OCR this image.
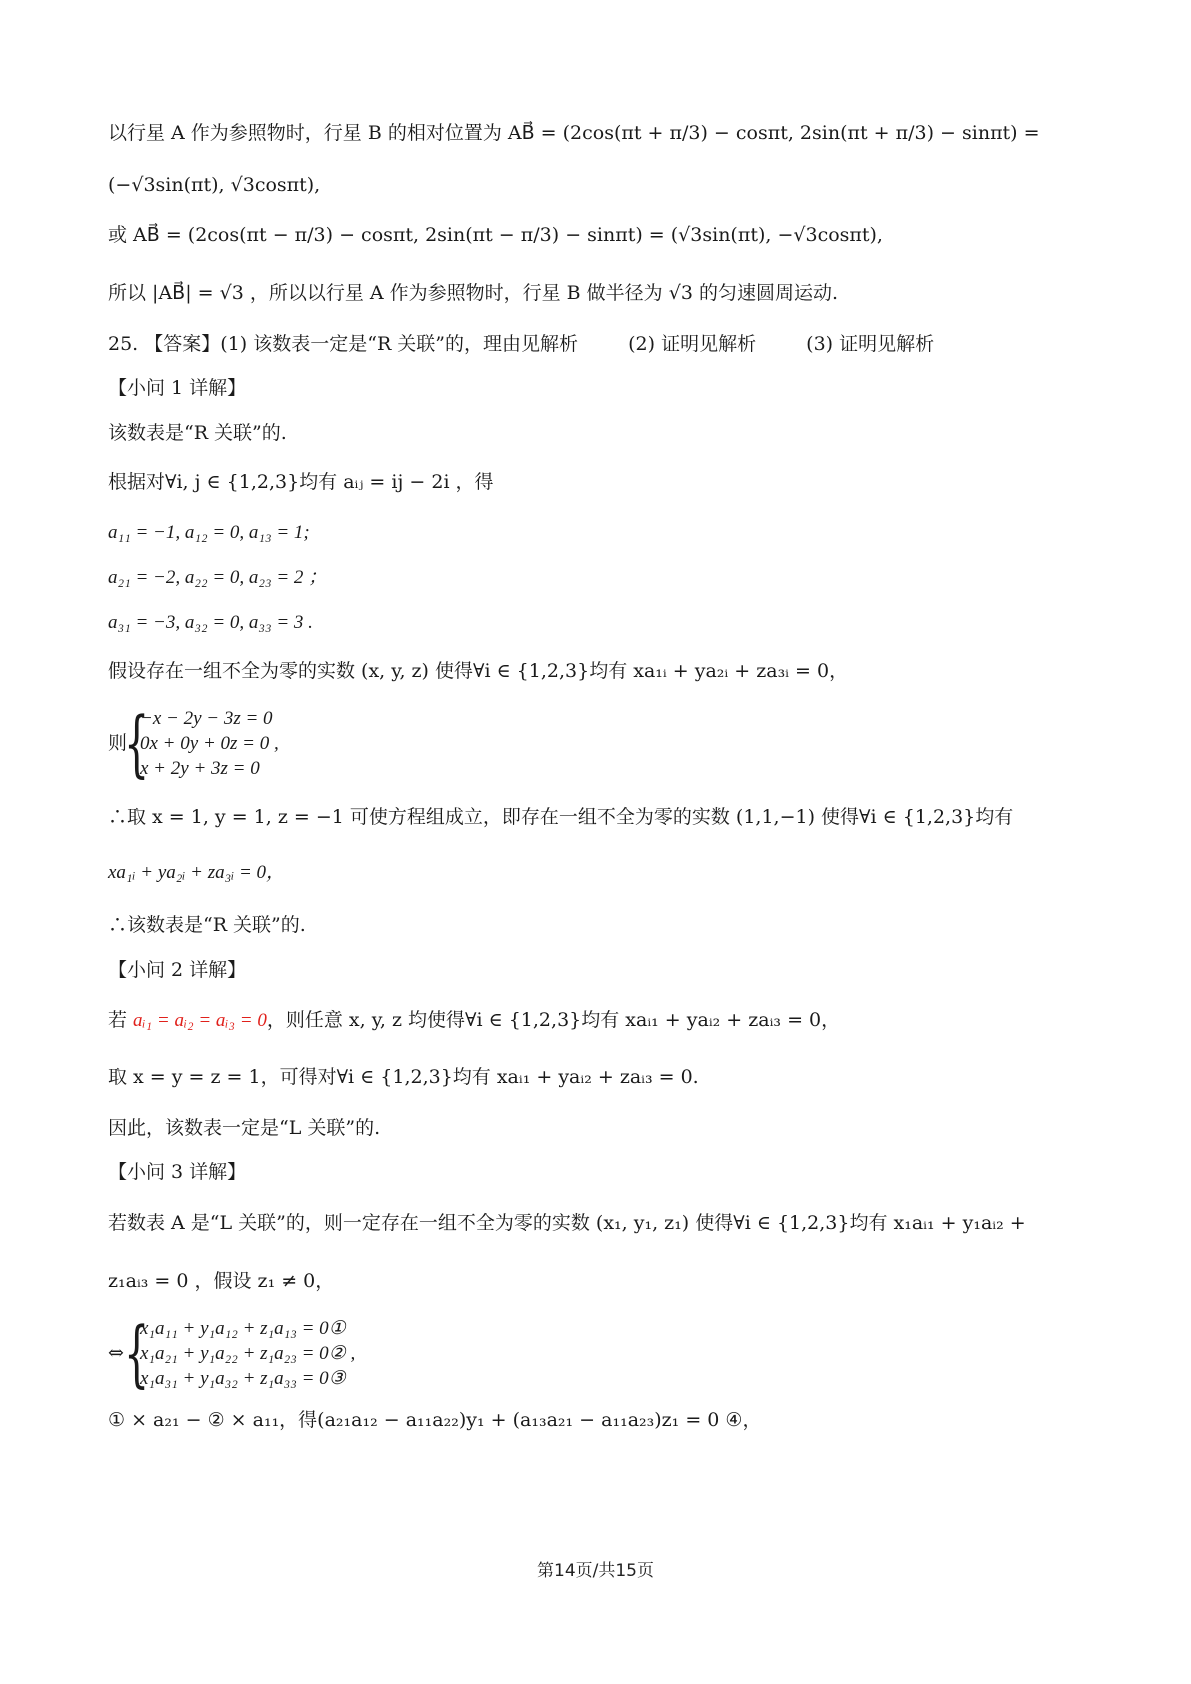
以行星 A 作为参照物时，行星 B 的相对位置为 AB⃗ = (2cos(πt + π/3) − cosπt, 2sin(πt + π/3) − sinπt) =
(−√3sin(πt), √3cosπt),
或 AB⃗ = (2cos(πt − π/3) − cosπt, 2sin(πt − π/3) − sinπt) = (√3sin(πt), −√3cosπt),
所以 |AB⃗| = √3 ，所以以行星 A 作为参照物时，行星 B 做半径为 √3 的匀速圆周运动.
25. 【答案】(1) 该数表一定是“R 关联”的，理由见解析	(2) 证明见解析	(3) 证明见解析
【小问 1 详解】
该数表是“R 关联”的.
根据对∀i, j ∈ {1,2,3}均有 aᵢⱼ = ij − 2i ，得
a₁₁ = −1, a₁₂ = 0, a₁₃ = 1;
a₂₁ = −2, a₂₂ = 0, a₂₃ = 2 ；
a₃₁ = −3, a₃₂ = 0, a₃₃ = 3 .
假设存在一组不全为零的实数 (x, y, z) 使得∀i ∈ {1,2,3}均有 xa₁ᵢ + ya₂ᵢ + za₃ᵢ = 0，
则
{
−x − 2y − 3z = 0
0x + 0y + 0z = 0 ,
x + 2y + 3z = 0
∴取 x = 1, y = 1, z = −1 可使方程组成立，即存在一组不全为零的实数 (1,1,−1) 使得∀i ∈ {1,2,3}均有
xa₁ᵢ + ya₂ᵢ + za₃ᵢ = 0，
∴该数表是“R 关联”的.
【小问 2 详解】
若 aᵢ₁ = aᵢ₂ = aᵢ₃ = 0，则任意 x, y, z 均使得∀i ∈ {1,2,3}均有 xaᵢ₁ + yaᵢ₂ + zaᵢ₃ = 0，
取 x = y = z = 1，可得对∀i ∈ {1,2,3}均有 xaᵢ₁ + yaᵢ₂ + zaᵢ₃ = 0.
因此，该数表一定是“L 关联”的.
【小问 3 详解】
若数表 A 是“L 关联”的，则一定存在一组不全为零的实数 (x₁, y₁, z₁) 使得∀i ∈ {1,2,3}均有 x₁aᵢ₁ + y₁aᵢ₂ +
z₁aᵢ₃ = 0 ，假设 z₁ ≠ 0，
⇔ {
x₁a₁₁ + y₁a₁₂ + z₁a₁₃ = 0①
x₁a₂₁ + y₁a₂₂ + z₁a₂₃ = 0② ,
x₁a₃₁ + y₁a₃₂ + z₁a₃₃ = 0③
① × a₂₁ − ② × a₁₁，得(a₂₁a₁₂ − a₁₁a₂₂)y₁ + (a₁₃a₂₁ − a₁₁a₂₃)z₁ = 0 ④，
第14页/共15页
